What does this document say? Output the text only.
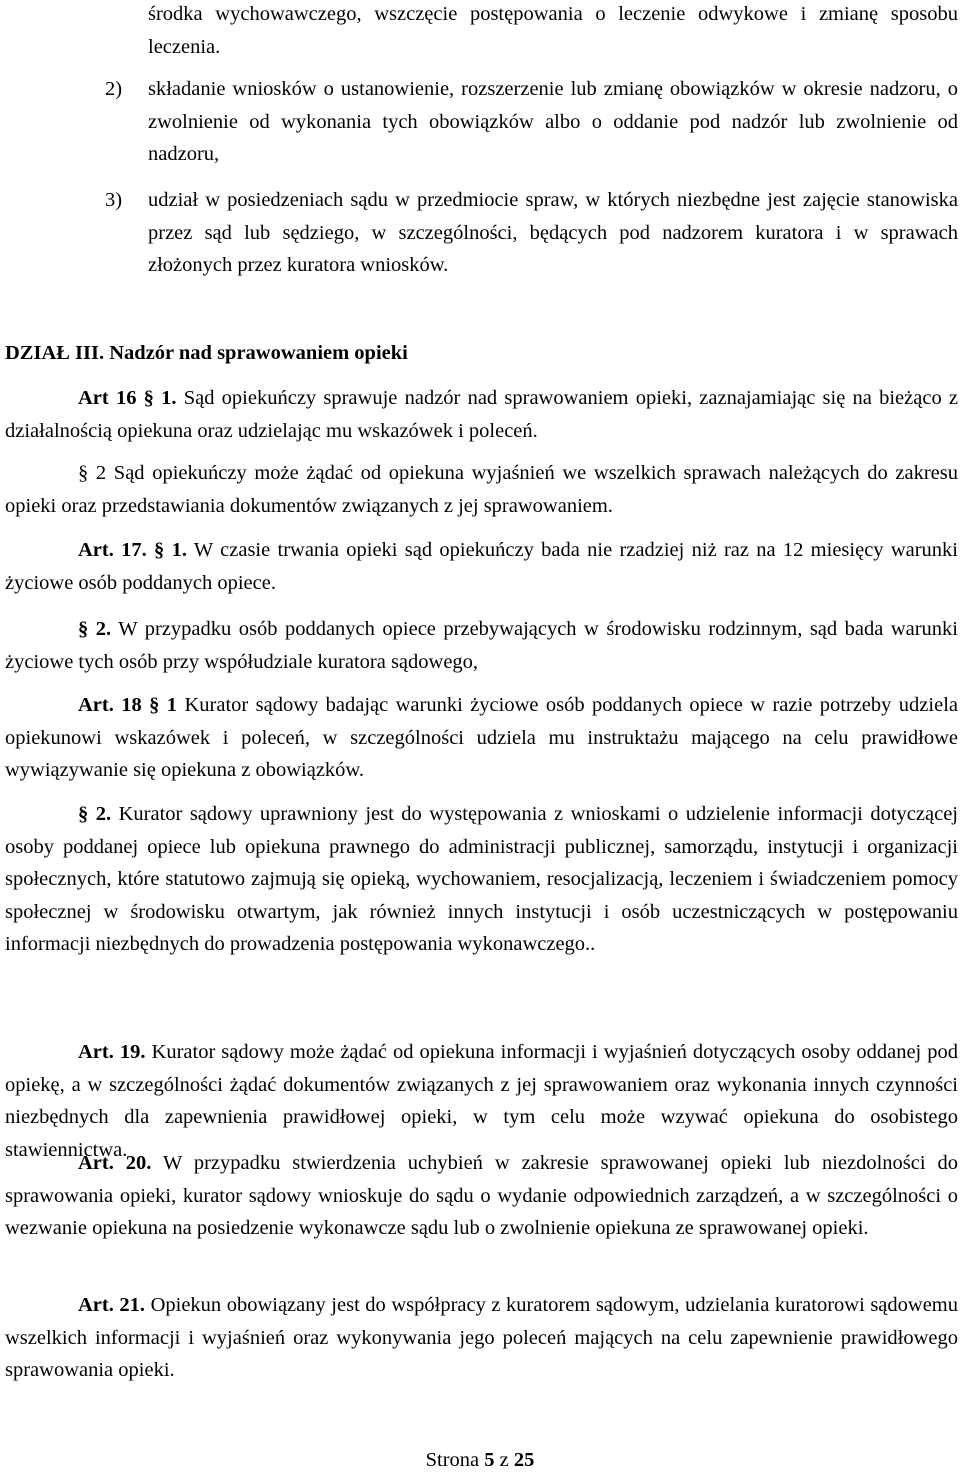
środka wychowawczego, wszczęcie postępowania o leczenie odwykowe i zmianę sposobu leczenia.

2) składanie wniosków o ustanowienie, rozszerzenie lub zmianę obowiązków w okresie nadzoru, o zwolnienie od wykonania tych obowiązków albo o oddanie pod nadzór lub zwolnienie od nadzoru,

3) udział w posiedzeniach sądu w przedmiocie spraw, w których niezbędne jest zajęcie stanowiska przez sąd lub sędziego, w szczególności, będących pod nadzorem kuratora i w sprawach złożonych przez kuratora wniosków.

DZIAŁ III. Nadzór nad sprawowaniem opieki

Art 16 § 1. Sąd opiekuńczy sprawuje nadzór nad sprawowaniem opieki, zaznajamiając się na bieżąco z działalnością opiekuna oraz udzielając mu wskazówek i poleceń.

§ 2 Sąd opiekuńczy może żądać od opiekuna wyjaśnień we wszelkich sprawach należących do zakresu opieki oraz przedstawiania dokumentów związanych z jej sprawowaniem.

Art. 17. § 1. W czasie trwania opieki sąd opiekuńczy bada nie rzadziej niż raz na 12 miesięcy warunki życiowe osób poddanych opiece.

§ 2. W przypadku osób poddanych opiece przebywających w środowisku rodzinnym, sąd bada warunki życiowe tych osób przy współudziale kuratora sądowego,

Art. 18 § 1 Kurator sądowy badając warunki życiowe osób poddanych opiece w razie potrzeby udziela opiekunowi wskazówek i poleceń, w szczególności udziela mu instruktażu mającego na celu prawidłowe wywiązywanie się opiekuna z obowiązków.

§ 2. Kurator sądowy uprawniony jest do występowania z wnioskami o udzielenie informacji dotyczącej osoby poddanej opiece lub opiekuna prawnego do administracji publicznej, samorządu, instytucji i organizacji społecznych, które statutowo zajmują się opieką, wychowaniem, resocjalizacją, leczeniem i świadczeniem pomocy społecznej w środowisku otwartym, jak również innych instytucji i osób uczestniczących w postępowaniu informacji niezbędnych do prowadzenia postępowania wykonawczego..

Art. 19. Kurator sądowy może żądać od opiekuna informacji i wyjaśnień dotyczących osoby oddanej pod opiekę, a w szczególności żądać dokumentów związanych z jej sprawowaniem oraz wykonania innych czynności niezbędnych dla zapewnienia prawidłowej opieki, w tym celu może wzywać opiekuna do osobistego stawiennictwa.

Art. 20. W przypadku stwierdzenia uchybień w zakresie sprawowanej opieki lub niezdolności do sprawowania opieki, kurator sądowy wnioskuje do sądu o wydanie odpowiednich zarządzeń, a w szczególności o wezwanie opiekuna na posiedzenie wykonawcze sądu lub o zwolnienie opiekuna ze sprawowanej opieki.

Art. 21. Opiekun obowiązany jest do współpracy z kuratorem sądowym, udzielania kuratorowi sądowemu wszelkich informacji i wyjaśnień oraz wykonywania jego poleceń mających na celu zapewnienie prawidłowego sprawowania opieki.

Strona 5 z 25
